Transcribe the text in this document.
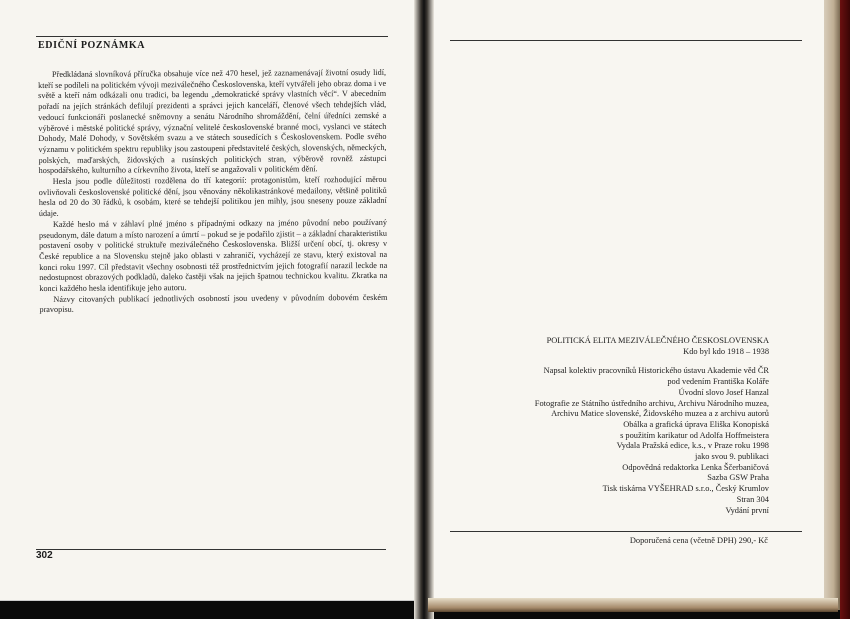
EDIČNÍ POZNÁMKA

Předkládaná slovníková příručka obsahuje více než 470 hesel, jež zaznamenávají životní osudy lidí, kteří se podíleli na politickém vývoji meziválečného Československa, kteří vytvářeli jeho obraz doma i ve světě a kteří nám odkázali onu tradici, ba legendu „demokratické správy vlastních věcí“. V abecedním pořadí na jejích stránkách defilují prezidenti a správci jejich kanceláří, členové všech tehdejších vlád, vedoucí funkcionáři poslanecké sněmovny a senátu Národního shromáždění, čelní úředníci zemské a výběrové i městské politické správy, význační velitelé československé branné moci, vyslanci ve státech Dohody, Malé Dohody, v Sovětském svazu a ve státech sousedících s Československem. Podle svého významu v politickém spektru republiky jsou zastoupeni představitelé českých, slovenských, německých, polských, maďarských, židovských a rusínských politických stran, výběrově rovněž zástupci hospodářského, kulturního a církevního života, kteří se angažovali v politickém dění.

Hesla jsou podle důležitosti rozdělena do tří kategorií: protagonistům, kteří rozhodující měrou ovlivňovali československé politické dění, jsou věnovány několikastránkové medailony, většině politiků hesla od 20 do 30 řádků, k osobám, které se tehdejší politikou jen mihly, jsou sneseny pouze základní údaje.

Každé heslo má v záhlaví plné jméno s případnými odkazy na jméno původní nebo používaný pseudonym, dále datum a místo narození a úmrtí – pokud se je podařilo zjistit – a základní charakteristiku postavení osoby v politické struktuře meziválečného Československa. Bližší určení obcí, tj. okresy v České republice a na Slovensku stejně jako oblasti v zahraničí, vycházejí ze stavu, který existoval na konci roku 1997. Cíl představit všechny osobnosti též prostřednictvím jejich fotografií narazil leckde na nedostupnost obrazových podkladů, daleko častěji však na jejich špatnou technickou kvalitu. Zkratka na konci každého hesla identifikuje jeho autoru.

Názvy citovaných publikací jednotlivých osobností jsou uvedeny v původním dobovém českém pravopisu.

302
POLITICKÁ ELITA MEZIVÁLEČNÉHO ČESKOSLOVENSKA
Kdo byl kdo 1918 – 1938
Napsal kolektiv pracovníků Historického ústavu Akademie věd ČR
pod vedením Františka Koláře
Úvodní slovo Josef Hanzal
Fotografie ze Státního ústředního archivu, Archivu Národního muzea,
Archivu Matice slovenské, Židovského muzea a z archivu autorů
Obálka a grafická úprava Eliška Konopiská
s použitím karikatur od Adolfa Hoffmeistera
Vydala Pražská edice, k.s., v Praze roku 1998
jako svou 9. publikaci
Odpovědná redaktorka Lenka Ščerbaničová
Sazba GSW Praha
Tisk tiskárna VYŠEHRAD s.r.o., Český Krumlov
Stran 304
Vydání první
Doporučená cena (včetně DPH) 290,- Kč
